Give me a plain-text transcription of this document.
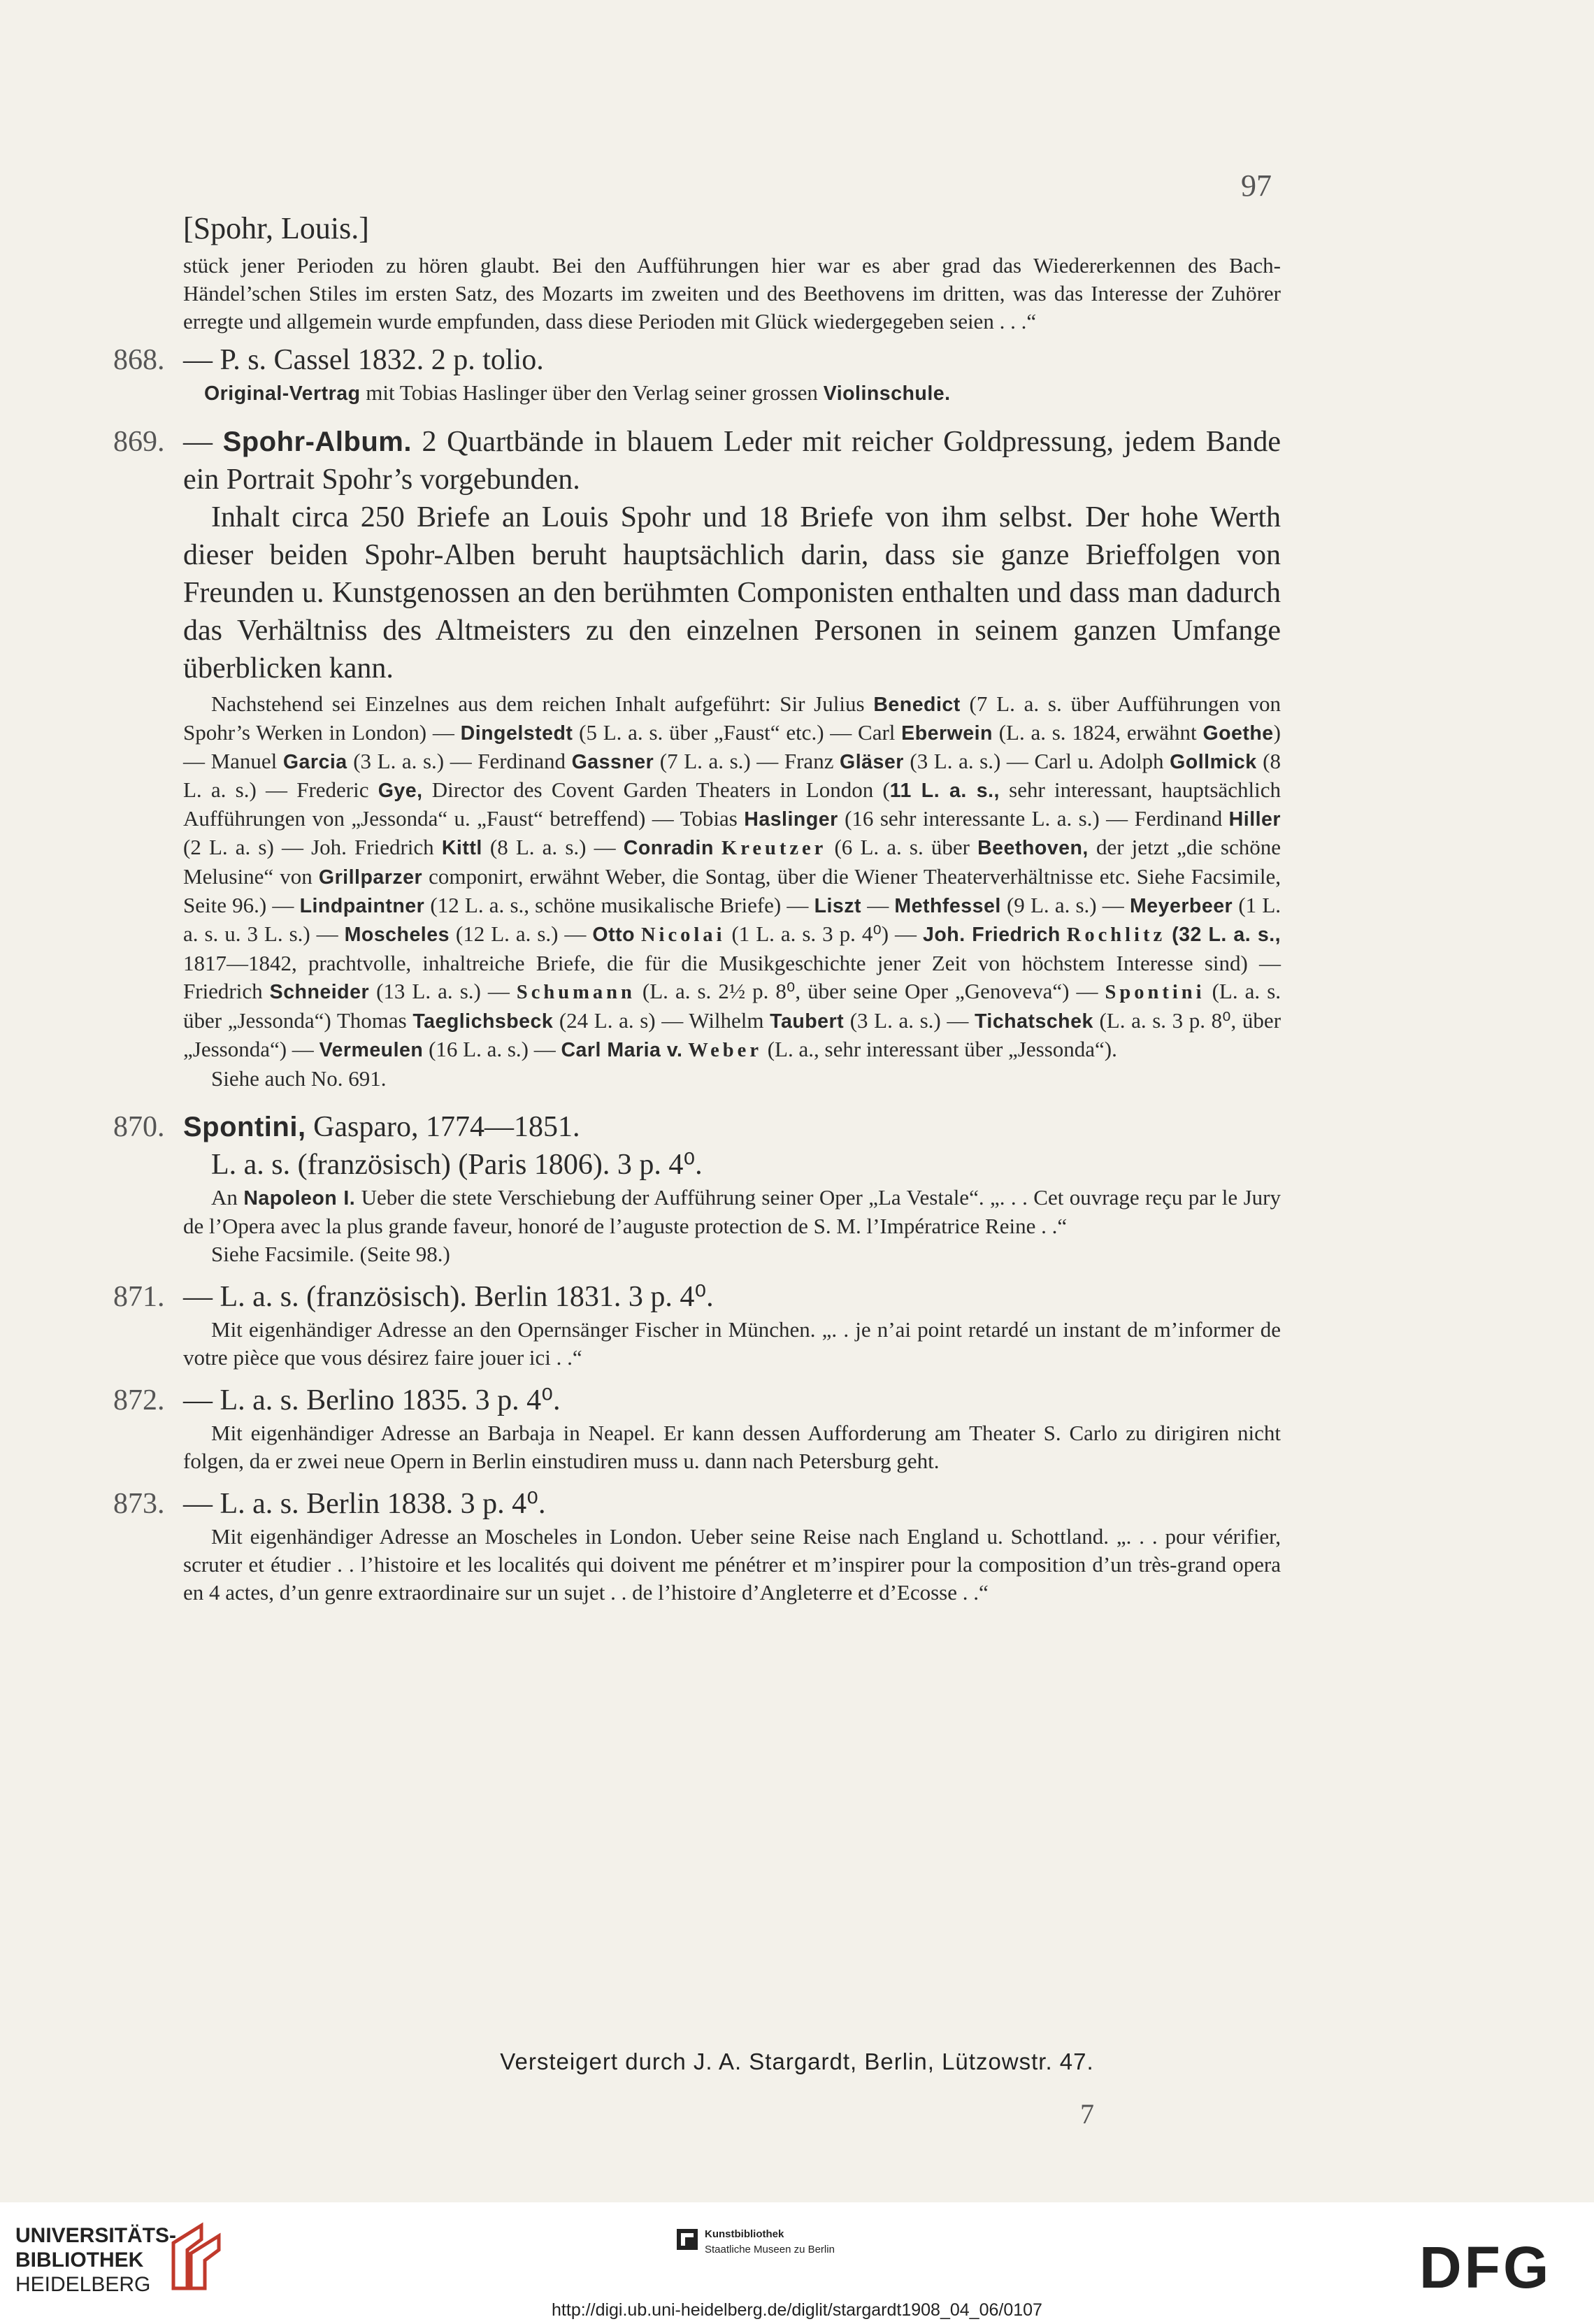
97

[Spohr, Louis.]

stück jener Perioden zu hören glaubt. Bei den Aufführungen hier war es aber grad das Wiedererkennen des Bach-Händel’schen Stiles im ersten Satz, des Mozarts im zweiten und des Beethovens im dritten, was das Interesse der Zuhörer erregte und allgemein wurde empfunden, dass diese Perioden mit Glück wiedergegeben seien . . .“

868. — P. s. Cassel 1832. 2 p. tolio.

Original-Vertrag mit Tobias Haslinger über den Verlag seiner grossen Violinschule.

869. — Spohr-Album. 2 Quartbände in blauem Leder mit reicher Goldpressung, jedem Bande ein Portrait Spohr’s vorgebunden.

Inhalt circa 250 Briefe an Louis Spohr und 18 Briefe von ihm selbst. Der hohe Werth dieser beiden Spohr-Alben beruht hauptsächlich darin, dass sie ganze Brieffolgen von Freunden u. Kunstgenossen an den berühmten Componisten enthalten und dass man dadurch das Verhältniss des Altmeisters zu den einzelnen Personen in seinem ganzen Umfange überblicken kann.

Nachstehend sei Einzelnes aus dem reichen Inhalt aufgeführt: Sir Julius Benedict (7 L. a. s. über Aufführungen von Spohr’s Werken in London) — Dingelstedt (5 L. a. s. über „Faust“ etc.) — Carl Eberwein (L. a. s. 1824, erwähnt Goethe) — Manuel Garcia (3 L. a. s.) — Ferdinand Gassner (7 L. a. s.) — Franz Gläser (3 L. a. s.) — Carl u. Adolph Gollmick (8 L. a. s.) — Frederic Gye, Director des Covent Garden Theaters in London (11 L. a. s., sehr interessant, hauptsächlich Aufführungen von „Jessonda“ u. „Faust“ betreffend) — Tobias Haslinger (16 sehr interessante L. a. s.) — Ferdinand Hiller (2 L. a. s) — Joh. Friedrich Kittl (8 L. a. s.) — Conradin Kreutzer (6 L. a. s. über Beethoven, der jetzt „die schöne Melusine“ von Grillparzer componirt, erwähnt Weber, die Sontag, über die Wiener Theaterverhältnisse etc. Siehe Facsimile, Seite 96.) — Lindpaintner (12 L. a. s., schöne musikalische Briefe) — Liszt — Methfessel (9 L. a. s.) — Meyerbeer (1 L. a. s. u. 3 L. s.) — Moscheles (12 L. a. s.) — Otto Nicolai (1 L. a. s. 3 p. 4⁰) — Joh. Friedrich Rochlitz (32 L. a. s., 1817—1842, prachtvolle, inhaltreiche Briefe, die für die Musikgeschichte jener Zeit von höchstem Interesse sind) — Friedrich Schneider (13 L. a. s.) — Schumann (L. a. s. 2½ p. 8⁰, über seine Oper „Genoveva“) — Spontini (L. a. s. über „Jessonda“) Thomas Taeglichsbeck (24 L. a. s) — Wilhelm Taubert (3 L. a. s.) — Tichatschek (L. a. s. 3 p. 8⁰, über „Jessonda“) — Vermeulen (16 L. a. s.) — Carl Maria v. Weber (L. a., sehr interessant über „Jessonda“).

Siehe auch No. 691.

870. Spontini, Gasparo, 1774—1851.

L. a. s. (französisch) (Paris 1806). 3 p. 4⁰.

An Napoleon I. Ueber die stete Verschiebung der Aufführung seiner Oper „La Vestale“. „. . . Cet ouvrage reçu par le Jury de l’Opera avec la plus grande faveur, honoré de l’auguste protection de S. M. l’Impératrice Reine . .“

Siehe Facsimile. (Seite 98.)

871. — L. a. s. (französisch). Berlin 1831. 3 p. 4⁰.

Mit eigenhändiger Adresse an den Opernsänger Fischer in München. „. . je n’ai point retardé un instant de m’informer de votre pièce que vous désirez faire jouer ici . .“

872. — L. a. s. Berlino 1835. 3 p. 4⁰.

Mit eigenhändiger Adresse an Barbaja in Neapel. Er kann dessen Aufforderung am Theater S. Carlo zu dirigiren nicht folgen, da er zwei neue Opern in Berlin einstudiren muss u. dann nach Petersburg geht.

873. — L. a. s. Berlin 1838. 3 p. 4⁰.

Mit eigenhändiger Adresse an Moscheles in London. Ueber seine Reise nach England u. Schottland. „. . . pour vérifier, scruter et étudier . . l’histoire et les localités qui doivent me pénétrer et m’inspirer pour la composition d’un très-grand opera en 4 actes, d’un genre extraordinaire sur un sujet . . de l’histoire d’Angleterre et d’Ecosse . .“

Versteigert durch J. A. Stargardt, Berlin, Lützowstr. 47.
7
UNIVERSITÄTS-
BIBLIOTHEK
HEIDELBERG
Kunstbibliothek
Staatliche Museen zu Berlin	DFG
http://digi.ub.uni-heidelberg.de/diglit/stargardt1908_04_06/0107
